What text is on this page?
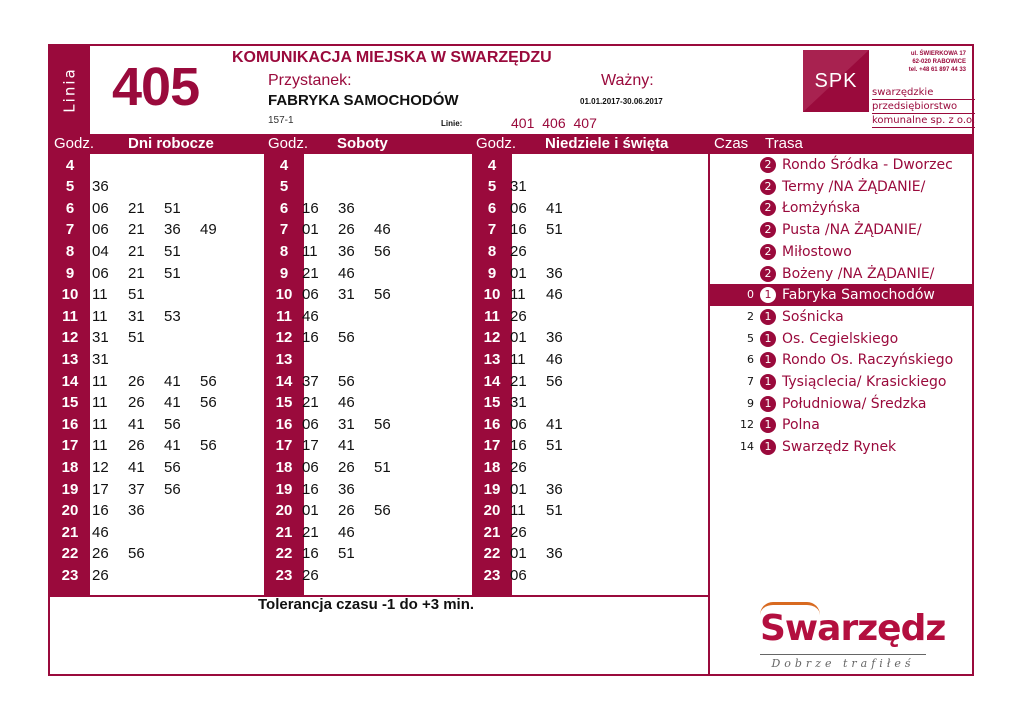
Linia 405 KOMUNIKACJA MIEJSKA W SWARZĘDZU
Przystanek:
FABRYKA SAMOCHODÓW
157-1
Ważny:
01.01.2017-30.06.2017
Linie:	401 406 407
SPK
ul. ŚWIERKOWA 17
62-020 RABOWICE
tel. +48 61 897 44 33
swarzędzkie
przedsiębiorstwo
komunalne sp. z o.o.
Godz. Dni robocze	Godz. Soboty	Godz. Niedziele i święta	Czas Trasa
4	4	4
5	36	5	5 31
6	06 21 51	6 16 36	6 06 41
7	06 21 36 49	7 01 26 46	7 16 51
8	04 21 51	8 11 36 56	8 26
9	06 21 51	9 21 46	9 01 36
10 11 51	10 06 31 56	10 11 46
11 11 31 53	11 46	11 26
12 31 51	12 16 56	12 01 36
13 31	13	13 11 46
14 11 26 41 56	14 37 56	14 21 56
15 11 26 41 56	15 21 46	15 31
16 11 41 56	16 06 31 56	16 06 41
17 11 26 41 56	17 17 41	17 16 51
18 12 41 56	18 06 26 51	18 26
19 17 37 56	19 16 36	19 01 36
20 16 36	20 01 26 56	20 11 51
21 46	21 21 46	21 26
22 26 56	22 16 51	22 01 36
23 26	23 26	23 06
2 Rondo Śródka - Dworzec
2 Termy /NA ŻĄDANIE/
2 Łomżyńska
2 Pusta /NA ŻĄDANIE/
2 Miłostowo
2 Bożeny /NA ŻĄDANIE/
0 1 Fabryka Samochodów
2 1 Sośnicka
5 1 Os. Cegielskiego
6 1 Rondo Os. Raczyńskiego
7 1 Tysiąclecia/ Krasickiego
9 1 Południowa/ Średzka
12 1 Polna
14 1 Swarzędz Rynek
Tolerancja czasu -1 do +3 min.
Swarzędz
Dobrze trafiłeś
